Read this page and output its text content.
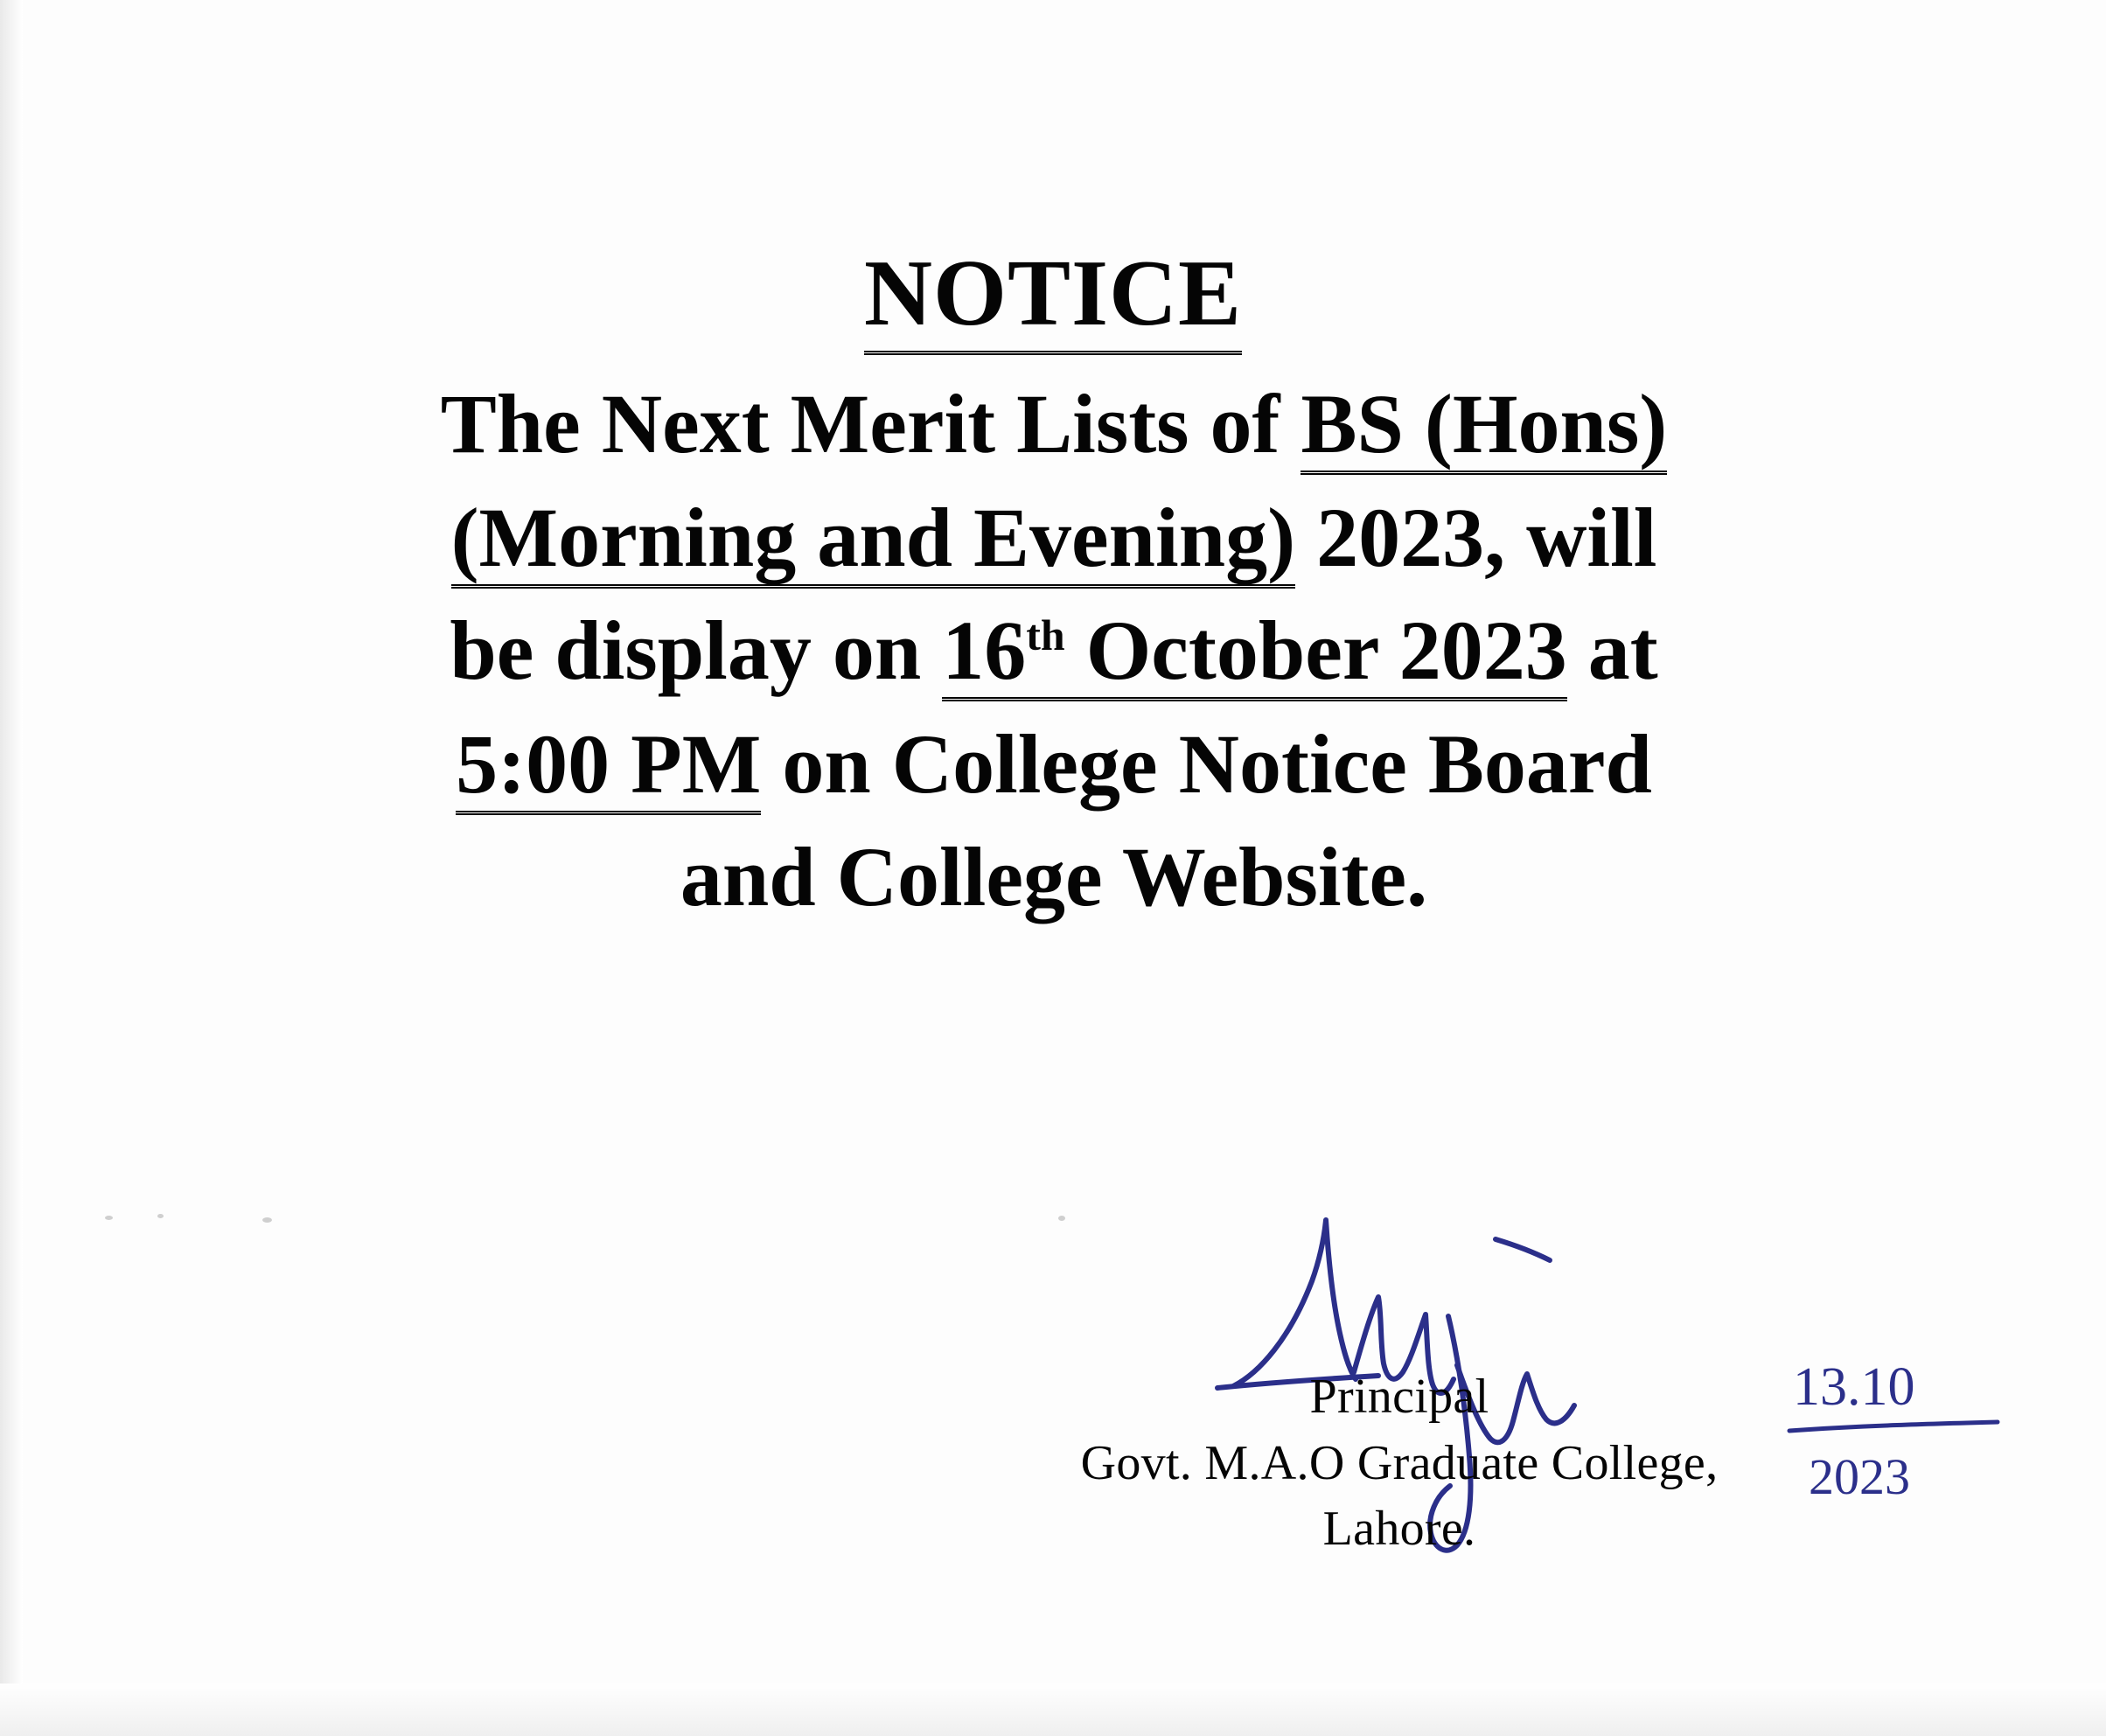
NOTICE
The Next Merit Lists of BS (Hons)
(Morning and Evening) 2023, will
be display on 16th October 2023 at
5:00 PM on College Notice Board
and College Website.
Principal
Govt. M.A.O Graduate College,
Lahore.
13.10
2023
